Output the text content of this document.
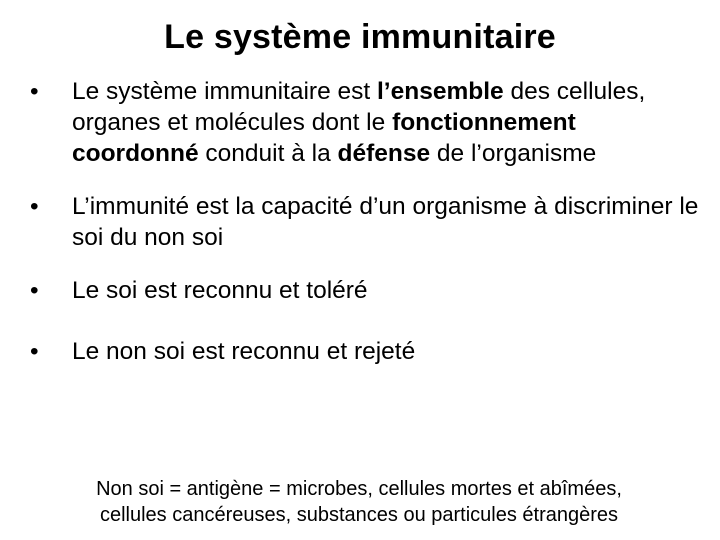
Le système immunitaire
•	Le système immunitaire est l’ensemble des cellules, organes et molécules dont le fonctionnement coordonné conduit à la défense de l’organisme
•	L’immunité est la capacité d’un organisme à discriminer le soi du non soi
•	Le soi est reconnu et toléré
•	Le non soi est reconnu et rejeté
Non soi = antigène = microbes, cellules mortes et abîmées,
cellules cancéreuses, substances ou particules étrangères
